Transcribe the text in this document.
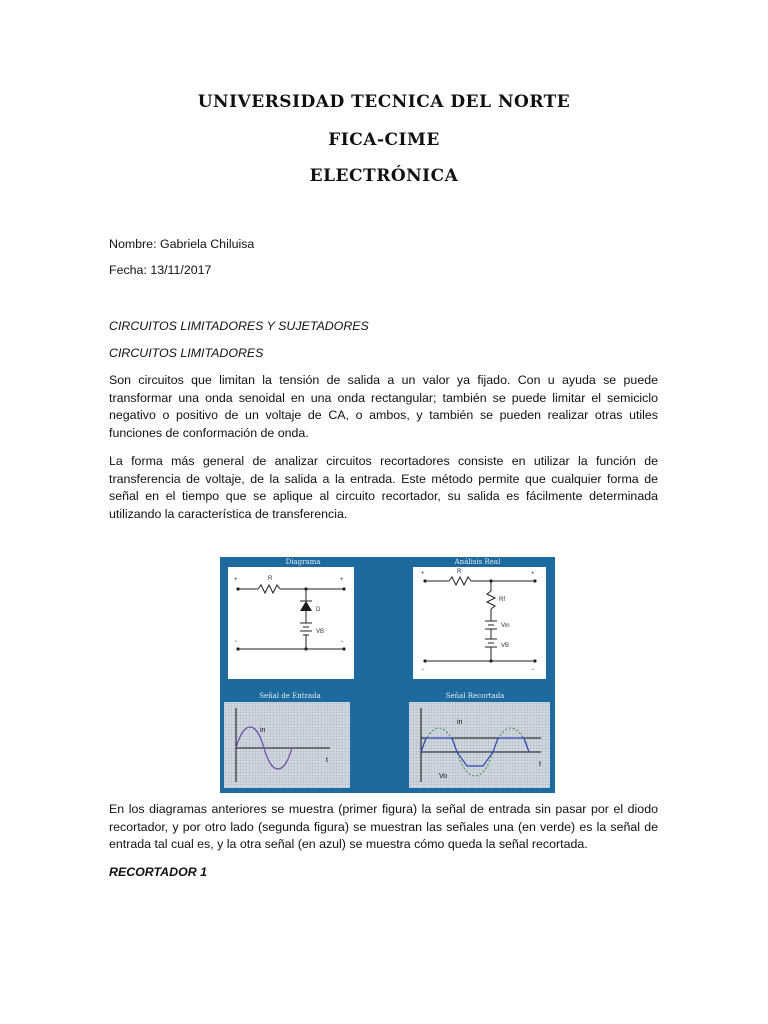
UNIVERSIDAD TECNICA DEL NORTE
FICA-CIME
ELECTRÓNICA
Nombre: Gabriela Chiluisa
Fecha: 13/11/2017
CIRCUITOS LIMITADORES Y SUJETADORES
CIRCUITOS LIMITADORES
Son circuitos que limitan la tensión de salida a un valor ya fijado. Con u ayuda se puede transformar una onda senoidal en una onda rectangular; también se puede limitar el semiciclo negativo o positivo de un voltaje de CA, o ambos, y también se pueden realizar otras utiles funciones de conformación de onda.
La forma más general de analizar circuitos recortadores consiste en utilizar la función de transferencia de voltaje, de la salida a la entrada. Este método permite que cualquier forma de señal en el tiempo que se aplique al circuito recortador, su salida es fácilmente determinada utilizando la característica de transferencia.
Diagrama
+	+
R
D
VB
−	−
Análisis Real
+	+
R
Rf
Vin
VB
−	−
Señal de Entrada
in
t
Señal Recortada
in
Vo
t
En los diagramas anteriores se muestra (primer figura) la señal de entrada sin pasar por el diodo recortador, y por otro lado (segunda figura) se muestran las señales una (en verde) es la señal de entrada tal cual es, y la otra señal (en azul) se muestra cómo queda la señal recortada.
RECORTADOR 1
